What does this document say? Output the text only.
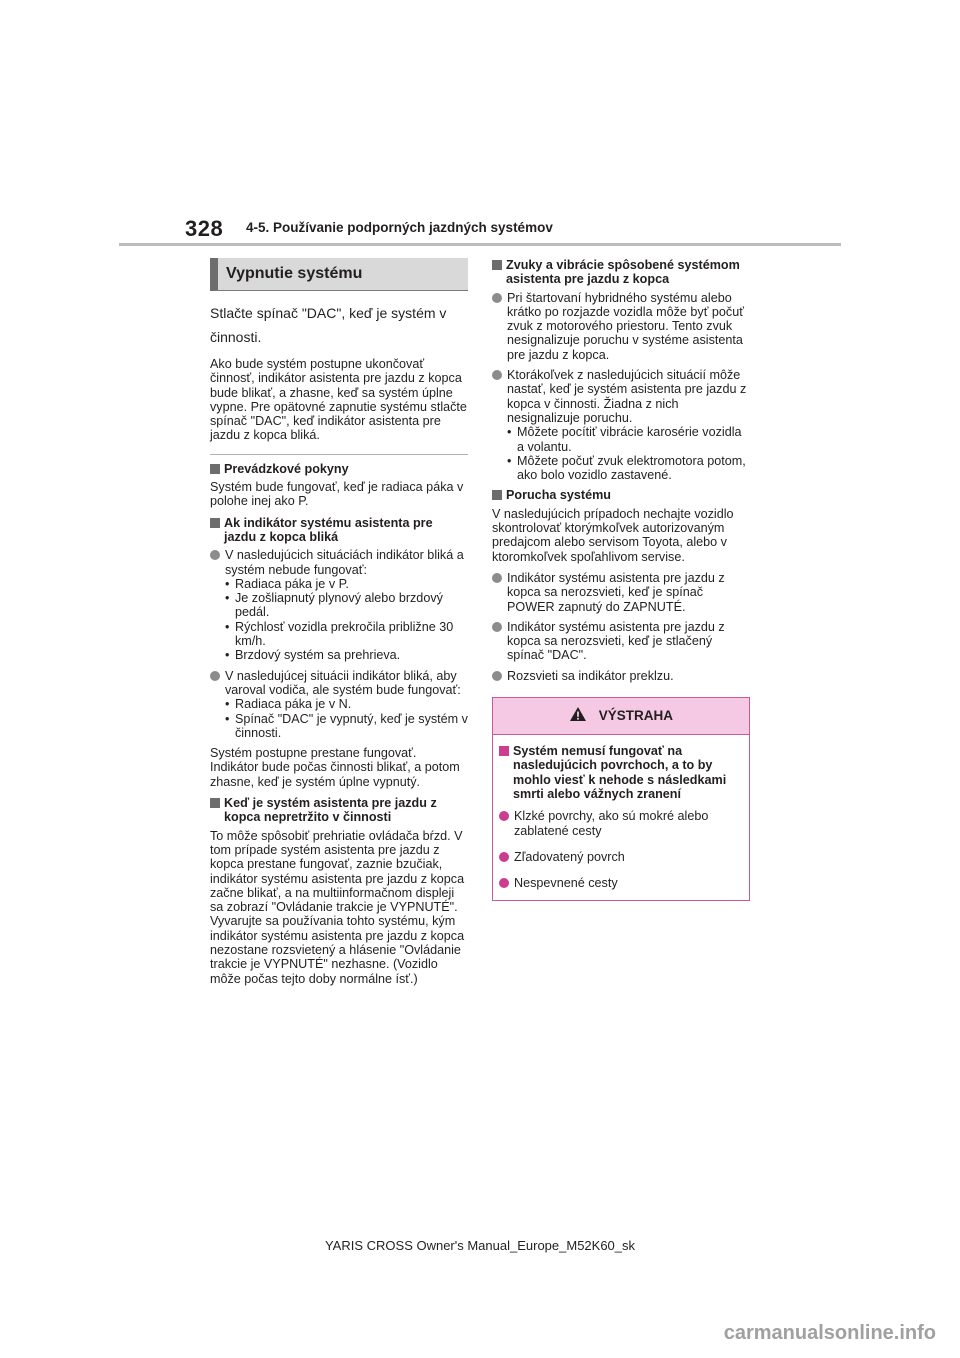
328 4-5. Používanie podporných jazdných systémov
Vypnutie systému
Stlačte spínač "DAC", keď je systém v činnosti.

Ako bude systém postupne ukončovať činnosť, indikátor asistenta pre jazdu z kopca bude blikať, a zhasne, keď sa systém úplne vypne. Pre opätovné zapnutie systému stlačte spínač "DAC", keď indikátor asistenta pre jazdu z kopca bliká.

Prevádzkové pokyny

Systém bude fungovať, keď je radiaca páka v polohe inej ako P.

Ak indikátor systému asistenta pre jazdu z kopca bliká

V nasledujúcich situáciách indikátor bliká a systém nebude fungovať:

• Radiaca páka je v P.
• Je zošliapnutý plynový alebo brzdový pedál.
• Rýchlosť vozidla prekročila približne 30 km/h.
• Brzdový systém sa prehrieva.

V nasledujúcej situácii indikátor bliká, aby varoval vodiča, ale systém bude fungovať:

• Radiaca páka je v N.
• Spínač "DAC" je vypnutý, keď je systém v činnosti.

Systém postupne prestane fungovať. Indikátor bude počas činnosti blikať, a potom zhasne, keď je systém úplne vypnutý.

Keď je systém asistenta pre jazdu z kopca nepretržito v činnosti

To môže spôsobiť prehriatie ovládača bŕzd. V tom prípade systém asistenta pre jazdu z kopca prestane fungovať, zaznie bzučiak, indikátor systému asistenta pre jazdu z kopca začne blikať, a na multiinformačnom displeji sa zobrazí "Ovládanie trakcie je VYPNUTÉ". Vyvarujte sa používania tohto systému, kým indikátor systému asistenta pre jazdu z kopca nezostane rozsvietený a hlásenie "Ovládanie trakcie je VYPNUTÉ" nezhasne. (Vozidlo môže počas tejto doby normálne ísť.)

Zvuky a vibrácie spôsobené systémom asistenta pre jazdu z kopca

Pri štartovaní hybridného systému alebo krátko po rozjazde vozidla môže byť počuť zvuk z motorového priestoru. Tento zvuk nesignalizuje poruchu v systéme asistenta pre jazdu z kopca.

Ktorákoľvek z nasledujúcich situácií môže nastať, keď je systém asistenta pre jazdu z kopca v činnosti. Žiadna z nich nesignalizuje poruchu.

• Môžete pocítiť vibrácie karosérie vozidla a volantu.
• Môžete počuť zvuk elektromotora potom, ako bolo vozidlo zastavené.
Porucha systému

V nasledujúcich prípadoch nechajte vozidlo skontrolovať ktorýmkoľvek autorizovaným predajcom alebo servisom Toyota, alebo v ktoromkoľvek spoľahlivom servise.

Indikátor systému asistenta pre jazdu z kopca sa nerozsvieti, keď je spínač POWER zapnutý do ZAPNUTÉ.

Indikátor systému asistenta pre jazdu z kopca sa nerozsvieti, keď je stlačený spínač "DAC".

Rozsvieti sa indikátor preklzu.

VÝSTRAHA
Systém nemusí fungovať na nasledujúcich povrchoch, a to by mohlo viesť k nehode s následkami smrti alebo vážnych zranení

Klzké povrchy, ako sú mokré alebo zablatené cesty

Zľadovatený povrch

Nespevnené cesty

YARIS CROSS Owner's Manual_Europe_M52K60_sk
carmanualsonline.info
